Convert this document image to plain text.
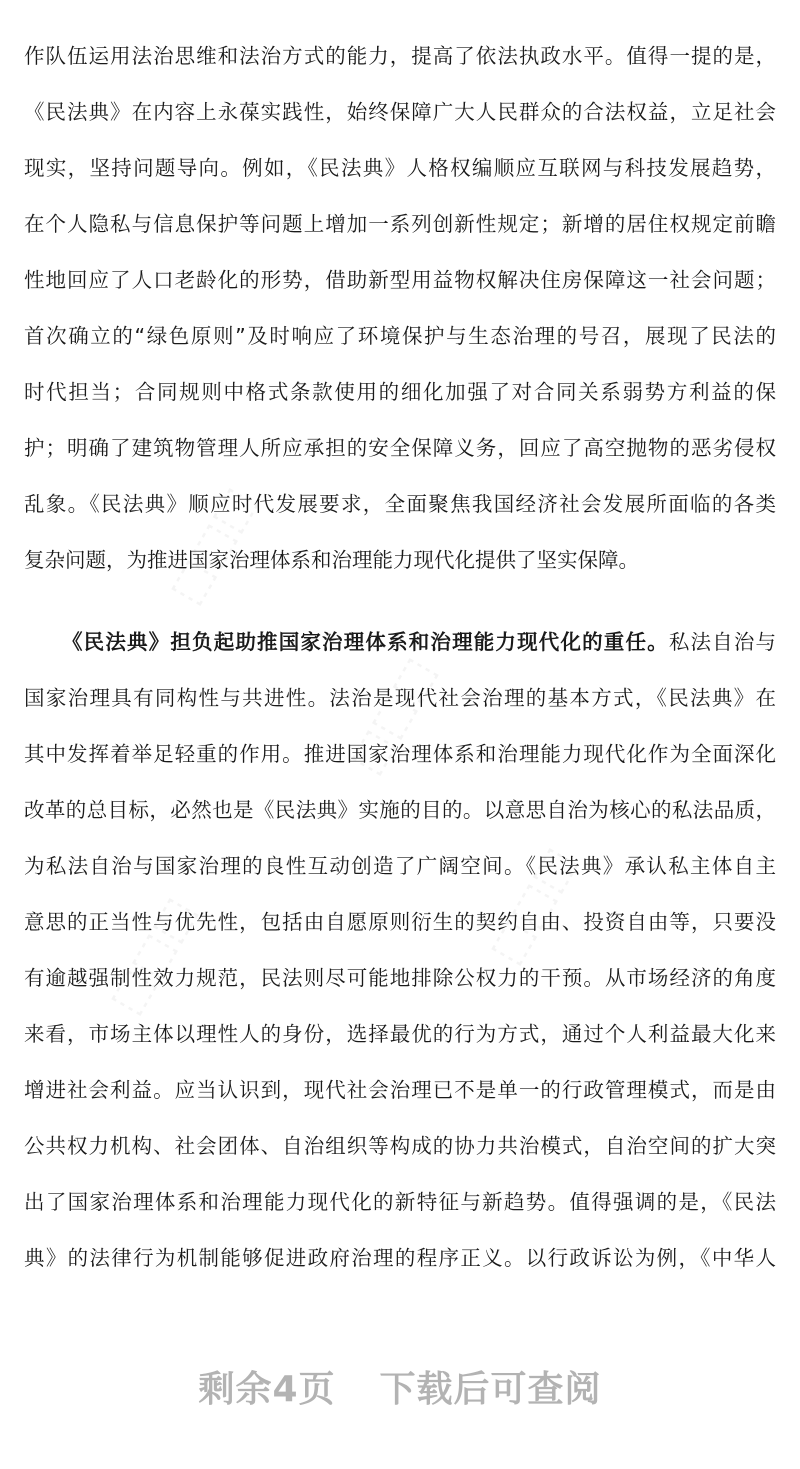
⬚⬚⬚
⬚⬚⬚
⬚⬚⬚
⬚⬚⬚
作队伍运用法治思维和法治方式的能力，提高了依法执政水平。值得一提的是，
《民法典》在内容上永葆实践性，始终保障广大人民群众的合法权益，立足社会
现实，坚持问题导向。例如，《民法典》人格权编顺应互联网与科技发展趋势，
在个人隐私与信息保护等问题上增加一系列创新性规定；新增的居住权规定前瞻
性地回应了人口老龄化的形势，借助新型用益物权解决住房保障这一社会问题；
首次确立的“绿色原则”及时响应了环境保护与生态治理的号召，展现了民法的
时代担当；合同规则中格式条款使用的细化加强了对合同关系弱势方利益的保
护；明确了建筑物管理人所应承担的安全保障义务，回应了高空抛物的恶劣侵权
乱象。《民法典》顺应时代发展要求，全面聚焦我国经济社会发展所面临的各类
复杂问题，为推进国家治理体系和治理能力现代化提供了坚实保障。
《民法典》担负起助推国家治理体系和治理能力现代化的重任。私法自治与
国家治理具有同构性与共进性。法治是现代社会治理的基本方式，《民法典》在
其中发挥着举足轻重的作用。推进国家治理体系和治理能力现代化作为全面深化
改革的总目标，必然也是《民法典》实施的目的。以意思自治为核心的私法品质，
为私法自治与国家治理的良性互动创造了广阔空间。《民法典》承认私主体自主
意思的正当性与优先性，包括由自愿原则衍生的契约自由、投资自由等，只要没
有逾越强制性效力规范，民法则尽可能地排除公权力的干预。从市场经济的角度
来看，市场主体以理性人的身份，选择最优的行为方式，通过个人利益最大化来
增进社会利益。应当认识到，现代社会治理已不是单一的行政管理模式，而是由
公共权力机构、社会团体、自治组织等构成的协力共治模式，自治空间的扩大突
出了国家治理体系和治理能力现代化的新特征与新趋势。值得强调的是，《民法
典》的法律行为机制能够促进政府治理的程序正义。以行政诉讼为例，《中华人
剩余4页 下载后可查阅
